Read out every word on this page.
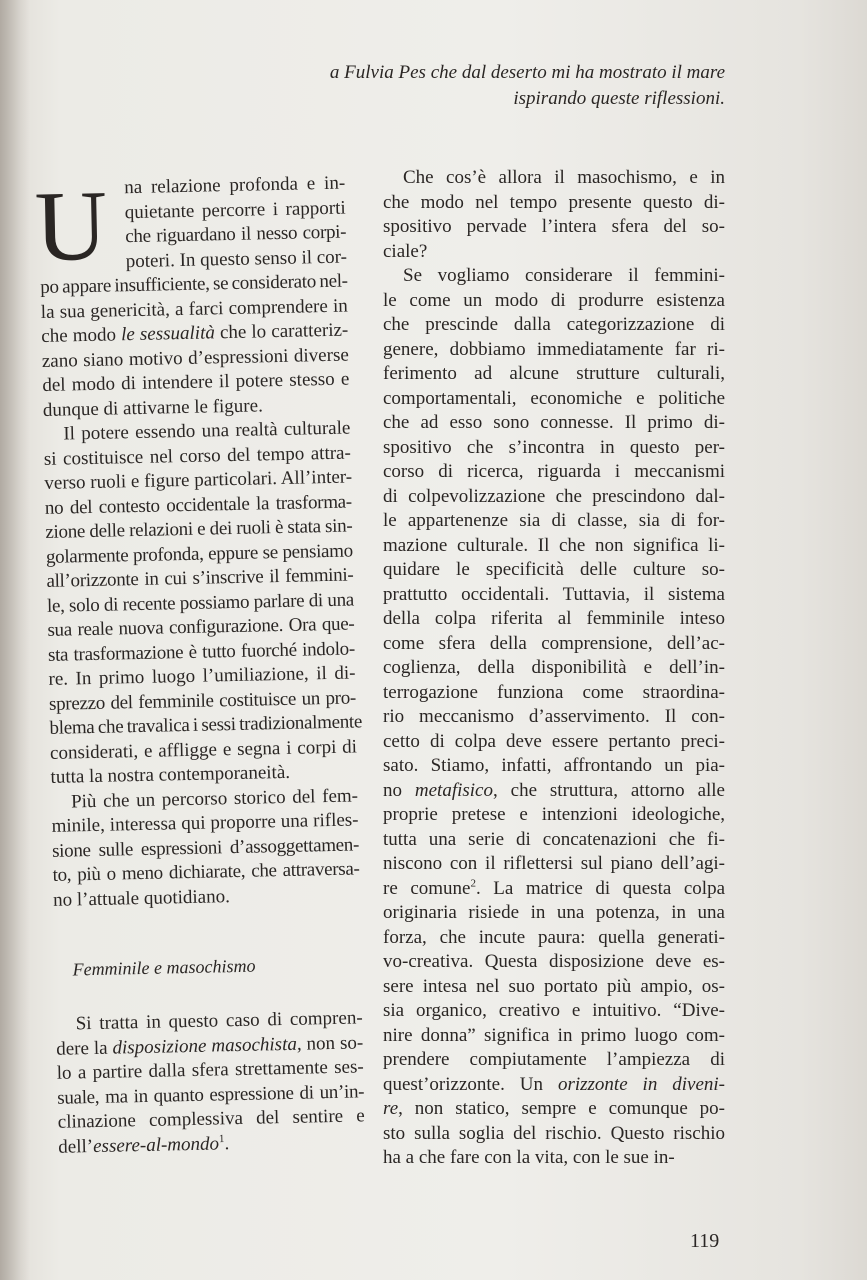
a Fulvia Pes che dal deserto mi ha mostrato il mare
ispirando queste riflessioni.
U na relazione profonda e in-
quietante percorre i rapporti
che riguardano il nesso corpi-
poteri. In questo senso il cor-
po appare insufficiente, se considerato nel-
la sua genericità, a farci comprendere in
che modo le sessualità che lo caratteriz-
zano siano motivo d’espressioni diverse
del modo di intendere il potere stesso e
dunque di attivarne le figure.
Il potere essendo una realtà culturale
si costituisce nel corso del tempo attra-
verso ruoli e figure particolari. All’inter-
no del contesto occidentale la trasforma-
zione delle relazioni e dei ruoli è stata sin-
golarmente profonda, eppure se pensiamo
all’orizzonte in cui s’inscrive il femmini-
le, solo di recente possiamo parlare di una
sua reale nuova configurazione. Ora que-
sta trasformazione è tutto fuorché indolo-
re. In primo luogo l’umiliazione, il di-
sprezzo del femminile costituisce un pro-
blema che travalica i sessi tradizionalmente
considerati, e affligge e segna i corpi di
tutta la nostra contemporaneità.
Più che un percorso storico del fem-
minile, interessa qui proporre una rifles-
sione sulle espressioni d’assoggettamen-
to, più o meno dichiarate, che attraversa-
no l’attuale quotidiano.
Femminile e masochismo
Si tratta in questo caso di compren-
dere la disposizione masochista, non so-
lo a partire dalla sfera strettamente ses-
suale, ma in quanto espressione di un’in-
clinazione complessiva del sentire e
dell’essere-al-mondo$^1$.
Che cos’è allora il masochismo, e in
che modo nel tempo presente questo di-
spositivo pervade l’intera sfera del so-
ciale?
Se vogliamo considerare il femmini-
le come un modo di produrre esistenza
che prescinde dalla categorizzazione di
genere, dobbiamo immediatamente far ri-
ferimento ad alcune strutture culturali,
comportamentali, economiche e politiche
che ad esso sono connesse. Il primo di-
spositivo che s’incontra in questo per-
corso di ricerca, riguarda i meccanismi
di colpevolizzazione che prescindono dal-
le appartenenze sia di classe, sia di for-
mazione culturale. Il che non significa li-
quidare le specificità delle culture so-
prattutto occidentali. Tuttavia, il sistema
della colpa riferita al femminile inteso
come sfera della comprensione, dell’ac-
coglienza, della disponibilità e dell’in-
terrogazione funziona come straordina-
rio meccanismo d’asservimento. Il con-
cetto di colpa deve essere pertanto preci-
sato. Stiamo, infatti, affrontando un pia-
no metafisico, che struttura, attorno alle
proprie pretese e intenzioni ideologiche,
tutta una serie di concatenazioni che fi-
niscono con il riflettersi sul piano dell’agi-
re comune$^2$. La matrice di questa colpa
originaria risiede in una potenza, in una
forza, che incute paura: quella generati-
vo-creativa. Questa disposizione deve es-
sere intesa nel suo portato più ampio, os-
sia organico, creativo e intuitivo. “Dive-
nire donna” significa in primo luogo com-
prendere compiutamente l’ampiezza di
quest’orizzonte. Un orizzonte in diveni-
re, non statico, sempre e comunque po-
sto sulla soglia del rischio. Questo rischio
ha a che fare con la vita, con le sue in-
119
